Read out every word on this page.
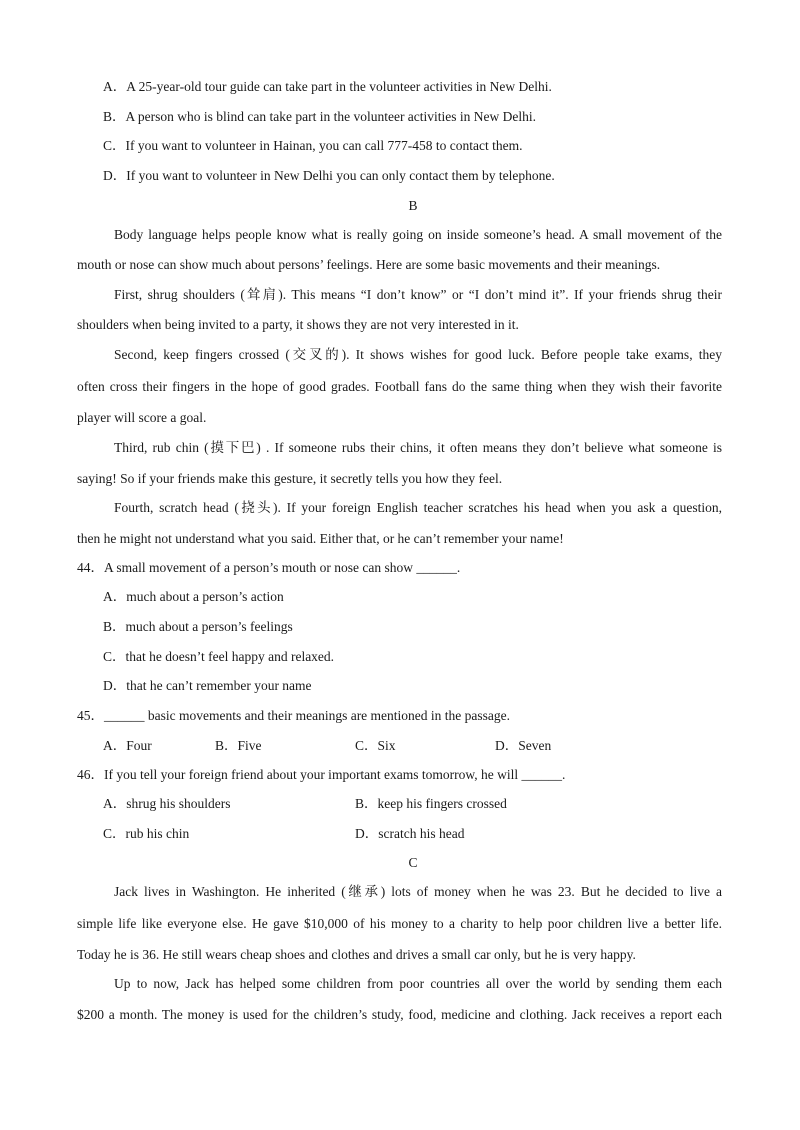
A．A 25-year-old tour guide can take part in the volunteer activities in New Delhi.
B．A person who is blind can take part in the volunteer activities in New Delhi.
C．If you want to volunteer in Hainan, you can call 777-458 to contact them.
D．If you want to volunteer in New Delhi you can only contact them by telephone.
B
Body language helps people know what is really going on inside someone’s head. A small movement of the
mouth or nose can show much about persons’ feelings. Here are some basic movements and their meanings.
First, shrug shoulders (耸肩). This means “I don’t know” or “I don’t mind it”. If your friends shrug their
shoulders when being invited to a party, it shows they are not very interested in it.
Second, keep fingers crossed (交叉的). It shows wishes for good luck. Before people take exams, they
often cross their fingers in the hope of good grades. Football fans do the same thing when they wish their favorite
player will score a goal.
Third, rub chin (摸下巴) . If someone rubs their chins, it often means they don’t believe what someone is
saying! So if your friends make this gesture, it secretly tells you how they feel.
Fourth, scratch head (挠头). If your foreign English teacher scratches his head when you ask a question,
then he might not understand what you said. Either that, or he can’t remember your name!
44．A small movement of a person’s mouth or nose can show ______.
A．much about a person’s action
B．much about a person’s feelings
C．that he doesn’t feel happy and relaxed.
D．that he can’t remember your name
45．______ basic movements and their meanings are mentioned in the passage.
A．Four	B．Five	C．Six	D．Seven
46．If you tell your foreign friend about your important exams tomorrow, he will ______.
A．shrug his shoulders	B．keep his fingers crossed
C．rub his chin	D．scratch his head
C
Jack lives in Washington. He inherited (继承) lots of money when he was 23. But he decided to live a
simple life like everyone else. He gave $10,000 of his money to a charity to help poor children live a better life.
Today he is 36. He still wears cheap shoes and clothes and drives a small car only, but he is very happy.
Up to now, Jack has helped some children from poor countries all over the world by sending them each
$200 a month. The money is used for the children’s study, food, medicine and clothing. Jack receives a report each
